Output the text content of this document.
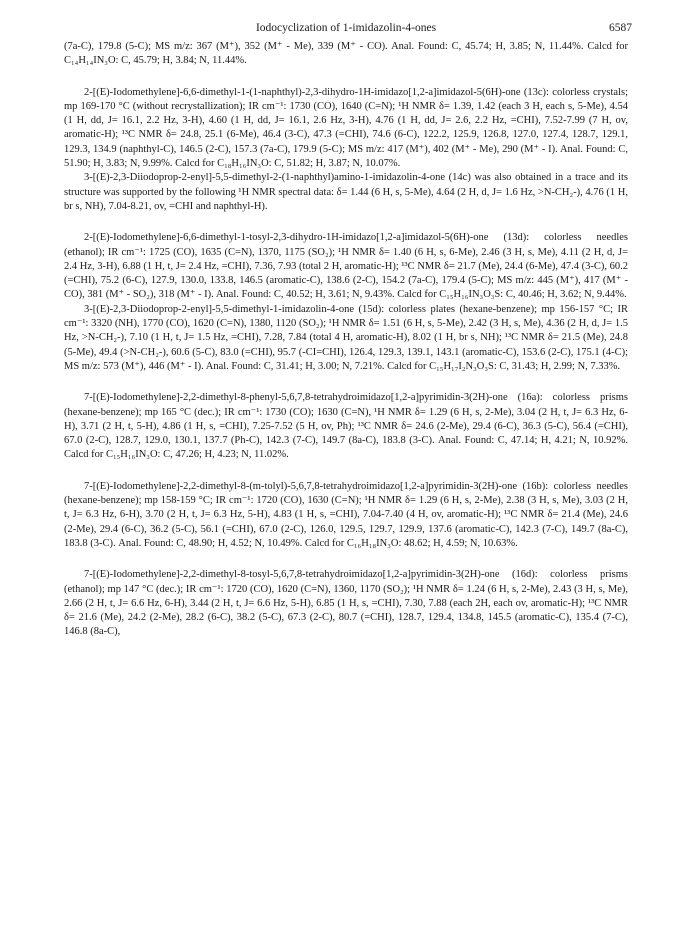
Iodocyclization of 1-imidazolin-4-ones	6587

(7a-C), 179.8 (5-C); MS m/z: 367 (M⁺), 352 (M⁺ - Me), 339 (M⁺ - CO). Anal. Found: C, 45.74; H, 3.85; N, 11.44%. Calcd for C₁₄H₁₄IN₃O: C, 45.79; H, 3.84; N, 11.44%.

2-[(E)-Iodomethylene]-6,6-dimethyl-1-(1-naphthyl)-2,3-dihydro-1H-imidazo[1,2-a]imidazol-5(6H)-one (13c): colorless crystals; mp 169-170 °C (without recrystallization); IR cm⁻¹: 1730 (CO), 1640 (C=N); ¹H NMR δ= 1.39, 1.42 (each 3 H, each s, 5-Me), 4.54 (1 H, dd, J= 16.1, 2.2 Hz, 3-H), 4.60 (1 H, dd, J= 16.1, 2.6 Hz, 3-H), 4.76 (1 H, dd, J= 2.6, 2.2 Hz, =CHI), 7.52-7.99 (7 H, ov, aromatic-H); ¹³C NMR δ= 24.8, 25.1 (6-Me), 46.4 (3-C), 47.3 (=CHI), 74.6 (6-C), 122.2, 125.9, 126.8, 127.0, 127.4, 128.7, 129.1, 129.3, 134.9 (naphthyl-C), 146.5 (2-C), 157.3 (7a-C), 179.9 (5-C); MS m/z: 417 (M⁺), 402 (M⁺ - Me), 290 (M⁺ - I). Anal. Found: C, 51.90; H, 3.83; N, 9.99%. Calcd for C₁₈H₁₆IN₃O: C, 51.82; H, 3.87; N, 10.07%.

3-[(E)-2,3-Diiodoprop-2-enyl]-5,5-dimethyl-2-(1-naphthyl)amino-1-imidazolin-4-one (14c) was also obtained in a trace and its structure was supported by the following ¹H NMR spectral data: δ= 1.44 (6 H, s, 5-Me), 4.64 (2 H, d, J= 1.6 Hz, >N-CH₂-), 4.76 (1 H, br s, NH), 7.04-8.21, ov, =CHI and naphthyl-H).

2-[(E)-Iodomethylene]-6,6-dimethyl-1-tosyl-2,3-dihydro-1H-imidazo[1,2-a]imidazol-5(6H)-one (13d): colorless needles (ethanol); IR cm⁻¹: 1725 (CO), 1635 (C=N), 1370, 1175 (SO₂); ¹H NMR δ= 1.40 (6 H, s, 6-Me), 2.46 (3 H, s, Me), 4.11 (2 H, d, J= 2.4 Hz, 3-H), 6.88 (1 H, t, J= 2.4 Hz, =CHI), 7.36, 7.93 (total 2 H, aromatic-H); ¹³C NMR δ= 21.7 (Me), 24.4 (6-Me), 47.4 (3-C), 60.2 (=CHI), 75.2 (6-C), 127.9, 130.0, 133.8, 146.5 (aromatic-C), 138.6 (2-C), 154.2 (7a-C), 179.4 (5-C); MS m/z: 445 (M⁺), 417 (M⁺ - CO), 381 (M⁺ - SO₂), 318 (M⁺ - I). Anal. Found: C, 40.52; H, 3.61; N, 9.43%. Calcd for C₁₅H₁₆IN₃O₃S: C, 40.46; H, 3.62; N, 9.44%.

3-[(E)-2,3-Diiodoprop-2-enyl]-5,5-dimethyl-1-imidazolin-4-one (15d): colorless plates (hexane-benzene); mp 156-157 °C; IR cm⁻¹: 3320 (NH), 1770 (CO), 1620 (C=N), 1380, 1120 (SO₂); ¹H NMR δ= 1.51 (6 H, s, 5-Me), 2.42 (3 H, s, Me), 4.36 (2 H, d, J= 1.5 Hz, >N-CH₂-), 7.10 (1 H, t, J= 1.5 Hz, =CHI), 7.28, 7.84 (total 4 H, aromatic-H), 8.02 (1 H, br s, NH); ¹³C NMR δ= 21.5 (Me), 24.8 (5-Me), 49.4 (>N-CH₂-), 60.6 (5-C), 83.0 (=CHI), 95.7 (-CI=CHI), 126.4, 129.3, 139.1, 143.1 (aromatic-C), 153.6 (2-C), 175.1 (4-C); MS m/z: 573 (M⁺), 446 (M⁺ - I). Anal. Found: C, 31.41; H, 3.00; N, 7.21%. Calcd for C₁₅H₁₇I₂N₃O₃S: C, 31.43; H, 2.99; N, 7.33%.

7-[(E)-Iodomethylene]-2,2-dimethyl-8-phenyl-5,6,7,8-tetrahydroimidazo[1,2-a]pyrimidin-3(2H)-one (16a): colorless prisms (hexane-benzene); mp 165 °C (dec.); IR cm⁻¹: 1730 (CO); 1630 (C=N), ¹H NMR δ= 1.29 (6 H, s, 2-Me), 3.04 (2 H, t, J= 6.3 Hz, 6-H), 3.71 (2 H, t, 5-H), 4.86 (1 H, s, =CHI), 7.25-7.52 (5 H, ov, Ph); ¹³C NMR δ= 24.6 (2-Me), 29.4 (6-C), 36.3 (5-C), 56.4 (=CHI), 67.0 (2-C), 128.7, 129.0, 130.1, 137.7 (Ph-C), 142.3 (7-C), 149.7 (8a-C), 183.8 (3-C). Anal. Found: C, 47.14; H, 4.21; N, 10.92%. Calcd for C₁₅H₁₆IN₃O: C, 47.26; H, 4.23; N, 11.02%.

7-[(E)-Iodomethylene]-2,2-dimethyl-8-(m-tolyl)-5,6,7,8-tetrahydroimidazo[1,2-a]pyrimidin-3(2H)-one (16b): colorless needles (hexane-benzene); mp 158-159 °C; IR cm⁻¹: 1720 (CO), 1630 (C=N); ¹H NMR δ= 1.29 (6 H, s, 2-Me), 2.38 (3 H, s, Me), 3.03 (2 H, t, J= 6.3 Hz, 6-H), 3.70 (2 H, t, J= 6.3 Hz, 5-H), 4.83 (1 H, s, =CHI), 7.04-7.40 (4 H, ov, aromatic-H); ¹³C NMR δ= 21.4 (Me), 24.6 (2-Me), 29.4 (6-C), 36.2 (5-C), 56.1 (=CHI), 67.0 (2-C), 126.0, 129.5, 129.7, 129.9, 137.6 (aromatic-C), 142.3 (7-C), 149.7 (8a-C), 183.8 (3-C). Anal. Found: C, 48.90; H, 4.52; N, 10.49%. Calcd for C₁₆H₁₈IN₃O: 48.62; H, 4.59; N, 10.63%.

7-[(E)-Iodomethylene]-2,2-dimethyl-8-tosyl-5,6,7,8-tetrahydroimidazo[1,2-a]pyrimidin-3(2H)-one (16d): colorless prisms (ethanol); mp 147 °C (dec.); IR cm⁻¹: 1720 (CO), 1620 (C=N), 1360, 1170 (SO₂); ¹H NMR δ= 1.24 (6 H, s, 2-Me), 2.43 (3 H, s, Me), 2.66 (2 H, t, J= 6.6 Hz, 6-H), 3.44 (2 H, t, J= 6.6 Hz, 5-H), 6.85 (1 H, s, =CHI), 7.30, 7.88 (each 2H, each ov, aromatic-H); ¹³C NMR δ= 21.6 (Me), 24.2 (2-Me), 28.2 (6-C), 38.2 (5-C), 67.3 (2-C), 80.7 (=CHI), 128.7, 129.4, 134.8, 145.5 (aromatic-C), 135.4 (7-C), 146.8 (8a-C),
